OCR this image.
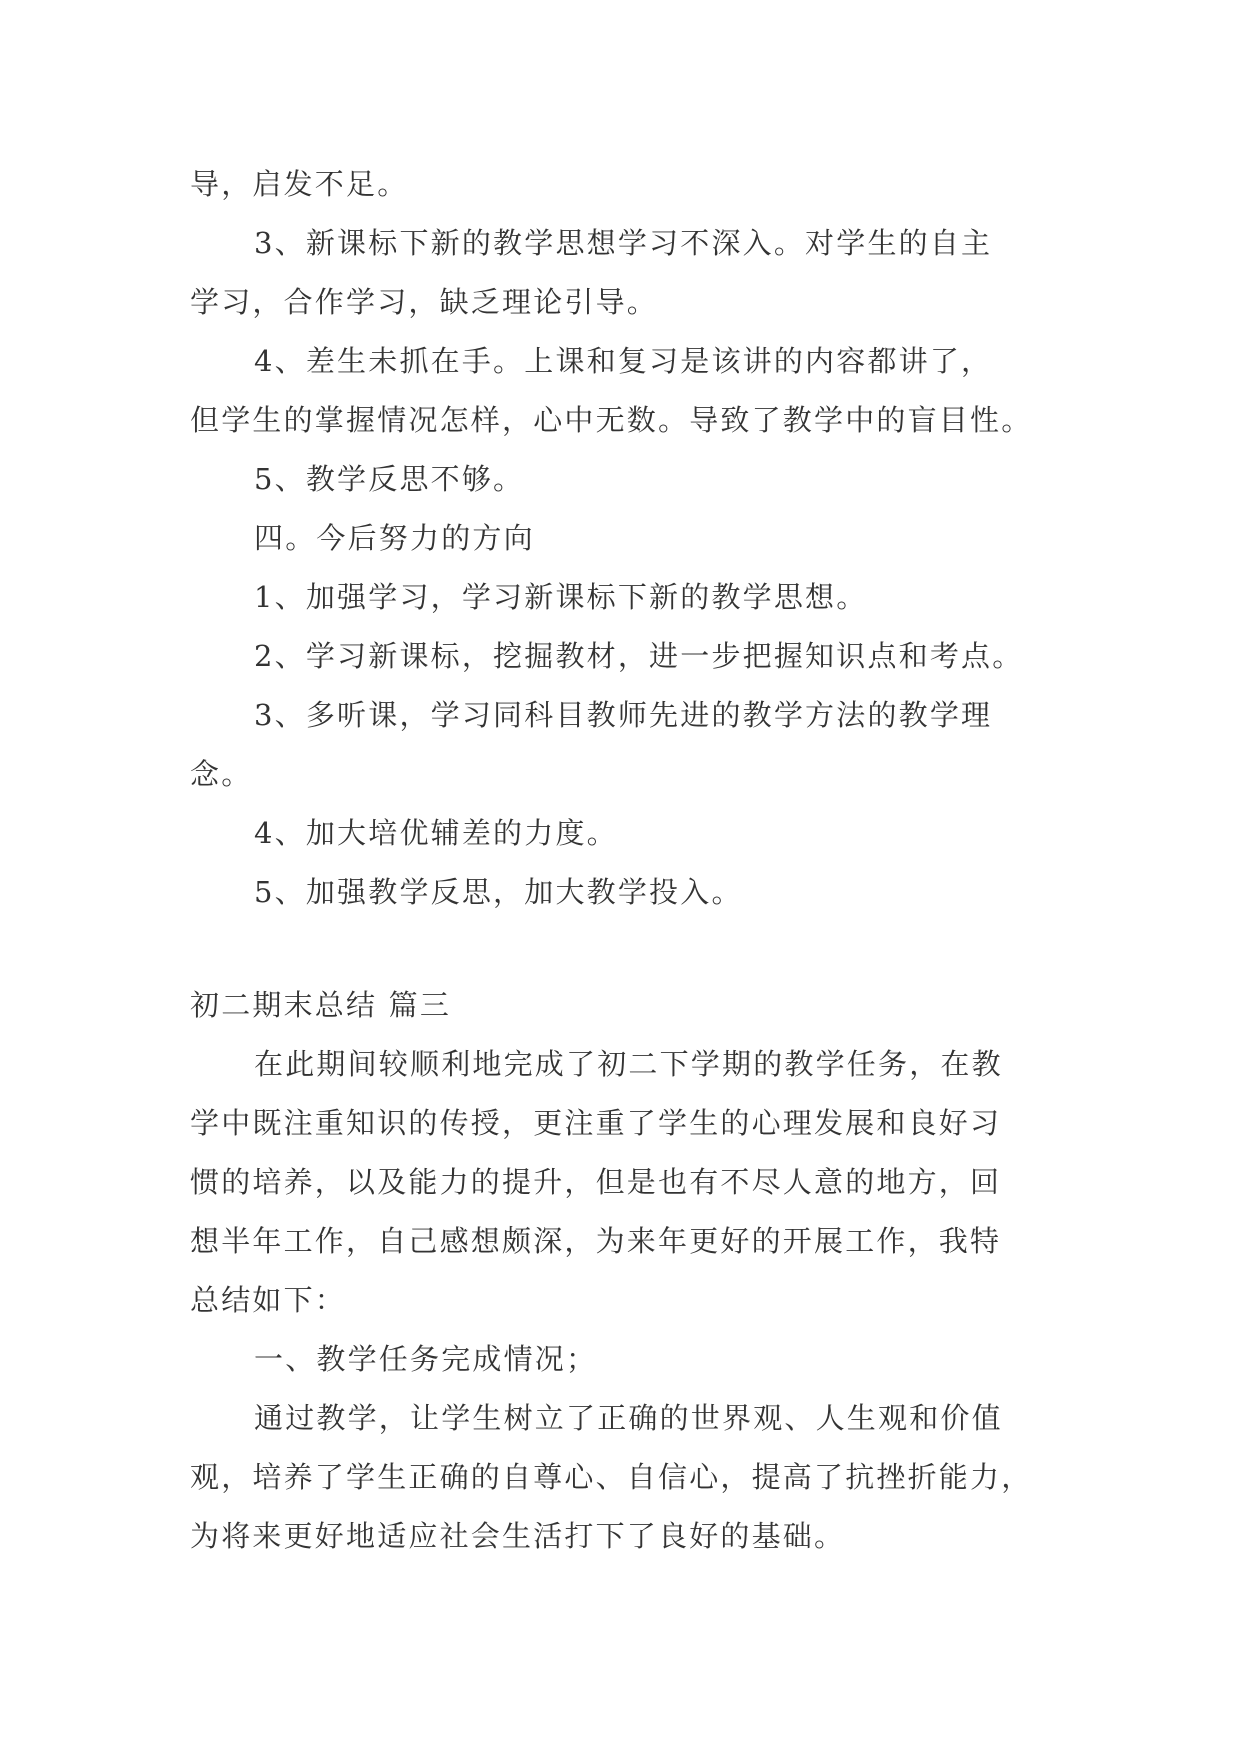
导，启发不足。
3、新课标下新的教学思想学习不深入。对学生的自主
学习，合作学习，缺乏理论引导。
4、差生未抓在手。上课和复习是该讲的内容都讲了，
但学生的掌握情况怎样，心中无数。导致了教学中的盲目性。
5、教学反思不够。
四。今后努力的方向
1、加强学习，学习新课标下新的教学思想。
2、学习新课标，挖掘教材，进一步把握知识点和考点。
3、多听课，学习同科目教师先进的教学方法的教学理
念。
4、加大培优辅差的力度。
5、加强教学反思，加大教学投入。
初二期末总结 篇三
在此期间较顺利地完成了初二下学期的教学任务，在教
学中既注重知识的传授，更注重了学生的心理发展和良好习
惯的培养，以及能力的提升，但是也有不尽人意的地方，回
想半年工作，自己感想颇深，为来年更好的开展工作，我特
总结如下：
一、教学任务完成情况；
通过教学，让学生树立了正确的世界观、人生观和价值
观，培养了学生正确的自尊心、自信心，提高了抗挫折能力，
为将来更好地适应社会生活打下了良好的基础。
